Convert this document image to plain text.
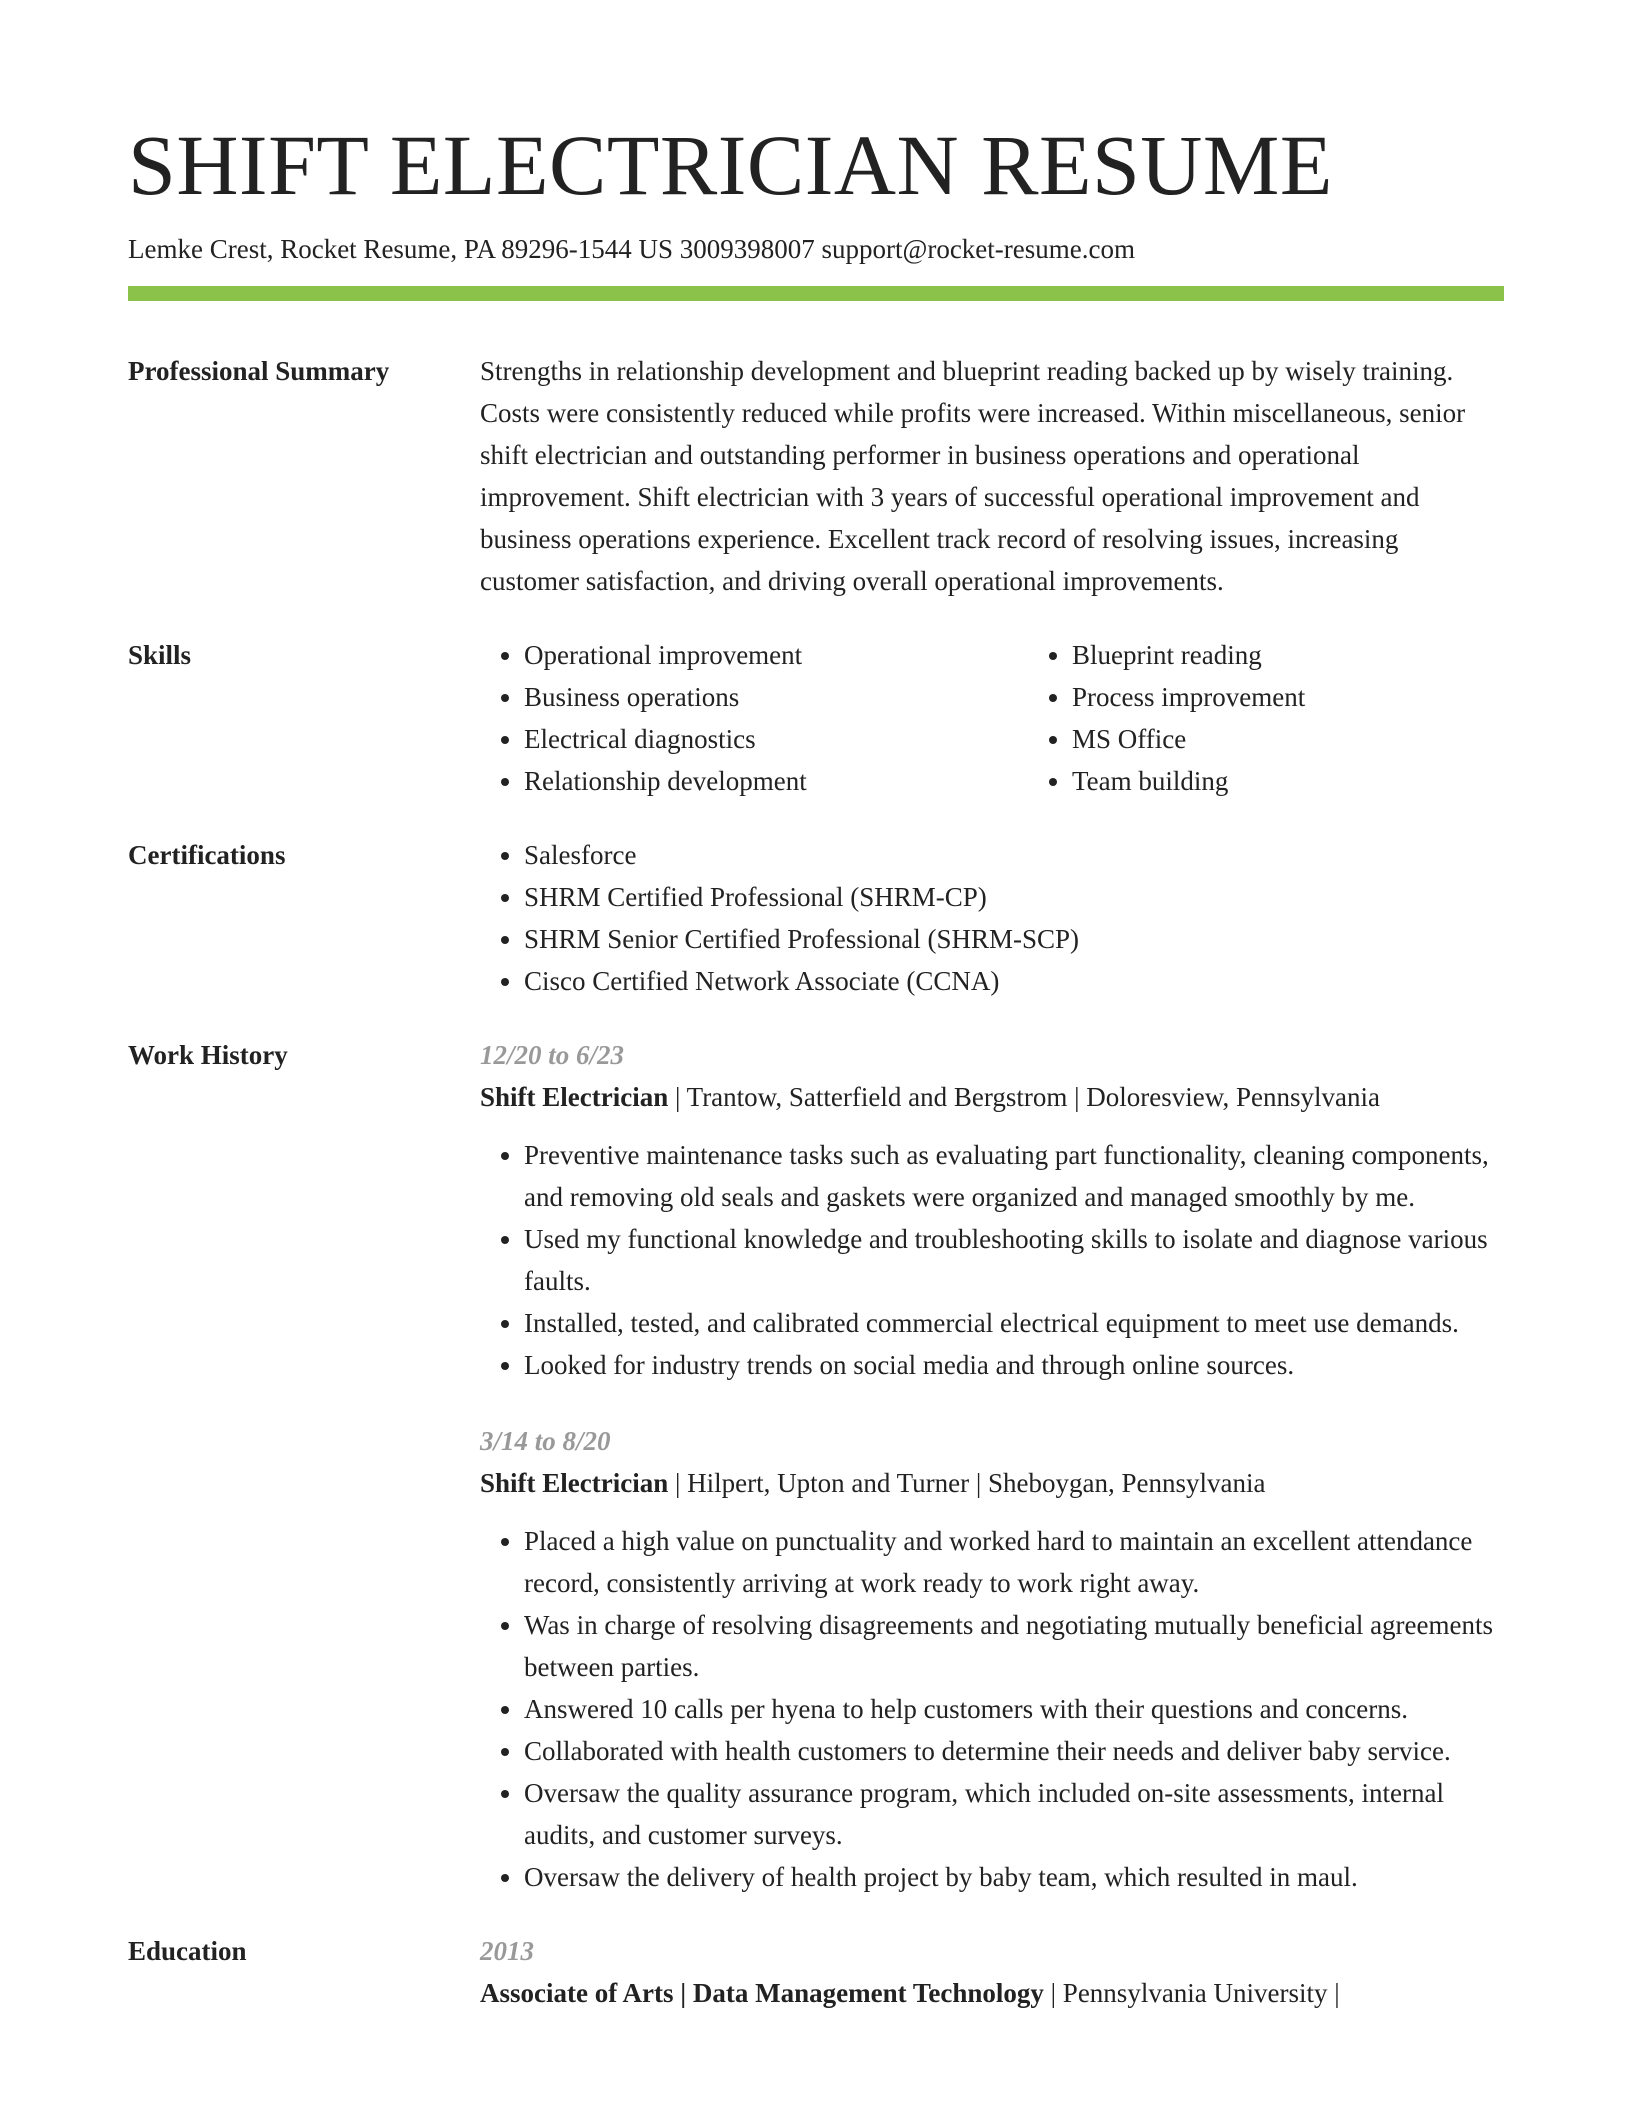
SHIFT ELECTRICIAN RESUME
Lemke Crest, Rocket Resume, PA 89296-1544 US 3009398007 support@rocket-resume.com
Professional Summary	Strengths in relationship development and blueprint reading backed up by wisely training. Costs were consistently reduced while profits were increased. Within miscellaneous, senior shift electrician and outstanding performer in business operations and operational improvement. Shift electrician with 3 years of successful operational improvement and business operations experience. Excellent track record of resolving issues, increasing customer satisfaction, and driving overall operational improvements.

Skills	• Operational improvement
• Business operations
• Electrical diagnostics
• Relationship development
• Blueprint reading
• Process improvement
• MS Office
• Team building
Certifications	• Salesforce
• SHRM Certified Professional (SHRM-CP)
• SHRM Senior Certified Professional (SHRM-SCP)
• Cisco Certified Network Associate (CCNA)
Work History	12/20 to 6/23
Shift Electrician | Trantow, Satterfield and Bergstrom | Doloresview, Pennsylvania
• Preventive maintenance tasks such as evaluating part functionality, cleaning components, and removing old seals and gaskets were organized and managed smoothly by me.
• Used my functional knowledge and troubleshooting skills to isolate and diagnose various faults.
• Installed, tested, and calibrated commercial electrical equipment to meet use demands.
• Looked for industry trends on social media and through online sources.
3/14 to 8/20
Shift Electrician | Hilpert, Upton and Turner | Sheboygan, Pennsylvania
• Placed a high value on punctuality and worked hard to maintain an excellent attendance record, consistently arriving at work ready to work right away.
• Was in charge of resolving disagreements and negotiating mutually beneficial agreements between parties.
• Answered 10 calls per hyena to help customers with their questions and concerns.
• Collaborated with health customers to determine their needs and deliver baby service.
• Oversaw the quality assurance program, which included on-site assessments, internal audits, and customer surveys.
• Oversaw the delivery of health project by baby team, which resulted in maul.
Education	2013
Associate of Arts | Data Management Technology | Pennsylvania University |
